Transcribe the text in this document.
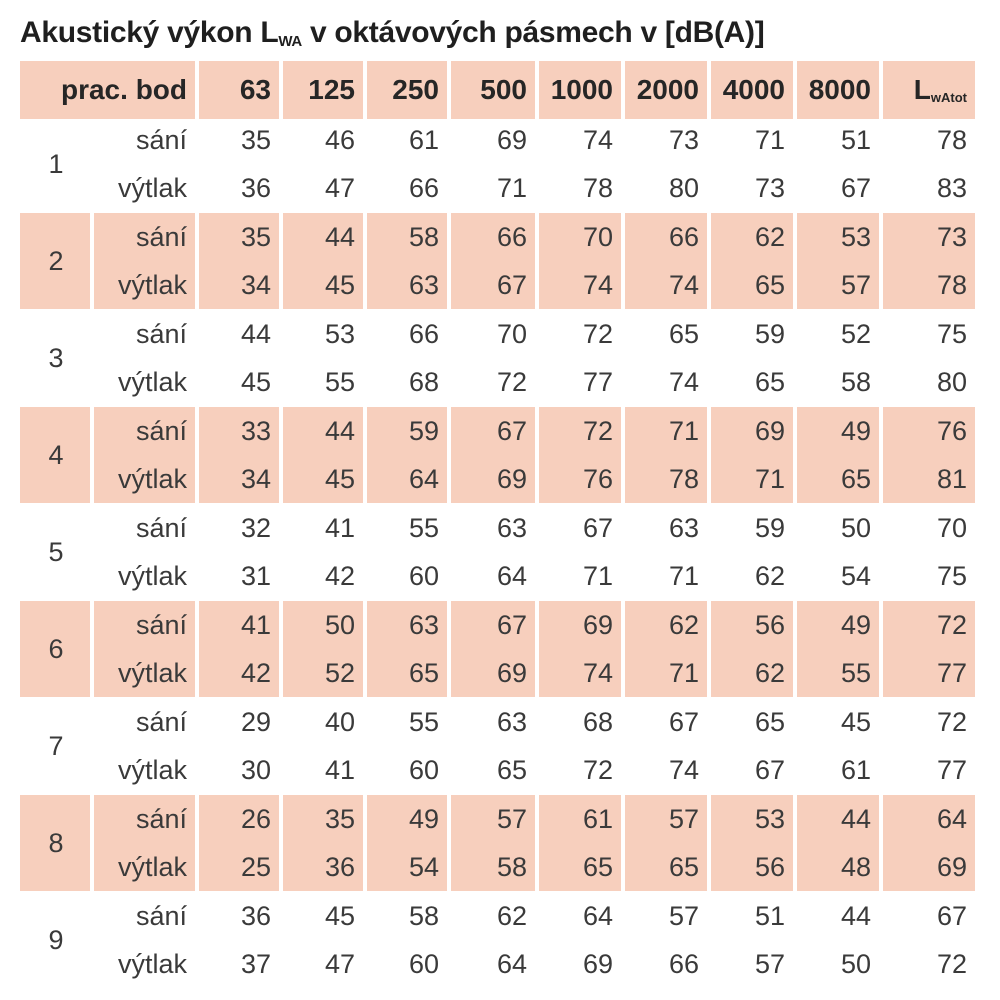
Akustický výkon $L_{WA}$ v oktávových pásmech v [dB(A)]
prac. bod	63	125	250	500 1000 2000 4000 8000	$L_{wAtot}$
1
sání	35	46	61	69	74	73	71	51	78
výtlak	36	47	66	71	78	80	73	67	83
2
sání	35	44	58	66	70	66	62	53	73
výtlak	34	45	63	67	74	74	65	57	78
3
sání	44	53	66	70	72	65	59	52	75
výtlak	45	55	68	72	77	74	65	58	80
4
sání	33	44	59	67	72	71	69	49	76
výtlak	34	45	64	69	76	78	71	65	81
5
sání	32	41	55	63	67	63	59	50	70
výtlak	31	42	60	64	71	71	62	54	75
6
sání	41	50	63	67	69	62	56	49	72
výtlak	42	52	65	69	74	71	62	55	77
7
sání	29	40	55	63	68	67	65	45	72
výtlak	30	41	60	65	72	74	67	61	77
8
sání	26	35	49	57	61	57	53	44	64
výtlak	25	36	54	58	65	65	56	48	69
9
sání	36	45	58	62	64	57	51	44	67
výtlak	37	47	60	64	69	66	57	50	72
